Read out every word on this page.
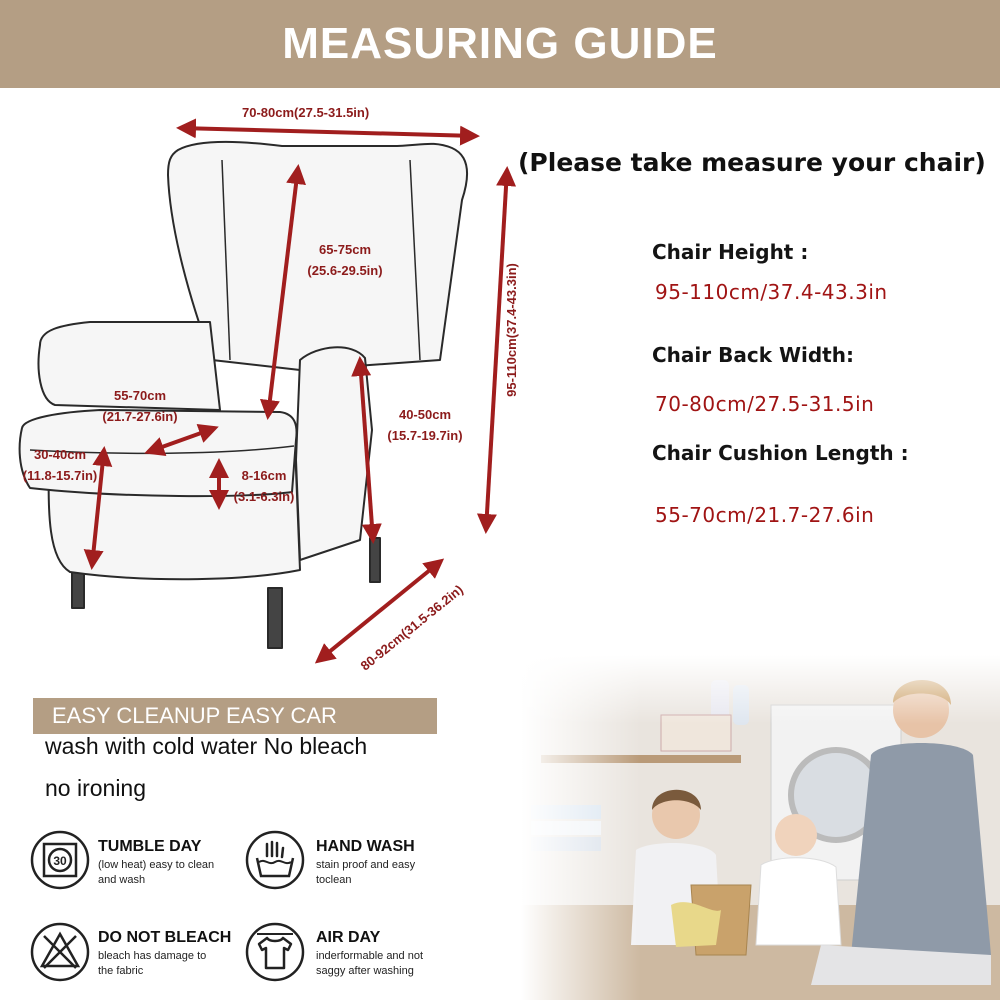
MEASURING GUIDE
70-80cm(27.5-31.5in)
65-75cm
(25.6-29.5in)	95-110cm(37.4-43.3in)
55-70cm
(21.7-27.6in)	40-50cm
(15.7-19.7in)
30-40cm
(11.8-15.7in)	8-16cm
(3.1-6.3in)
80-92cm(31.5-36.2in)
(Please take measure your chair)
Chair Height :
95-110cm/37.4-43.3in
Chair Back Width:
70-80cm/27.5-31.5in
Chair Cushion Length :
55-70cm/21.7-27.6in
EASY CLEANUP EASY CAR
wash with cold water No bleach
no ironing
30
TUMBLE DAY
(low heat) easy to clean
and wash
HAND WASH
stain proof and easy
toclean
DO NOT BLEACH
bleach has damage to
the fabric
AIR DAY
inderformable and not
saggy after washing
